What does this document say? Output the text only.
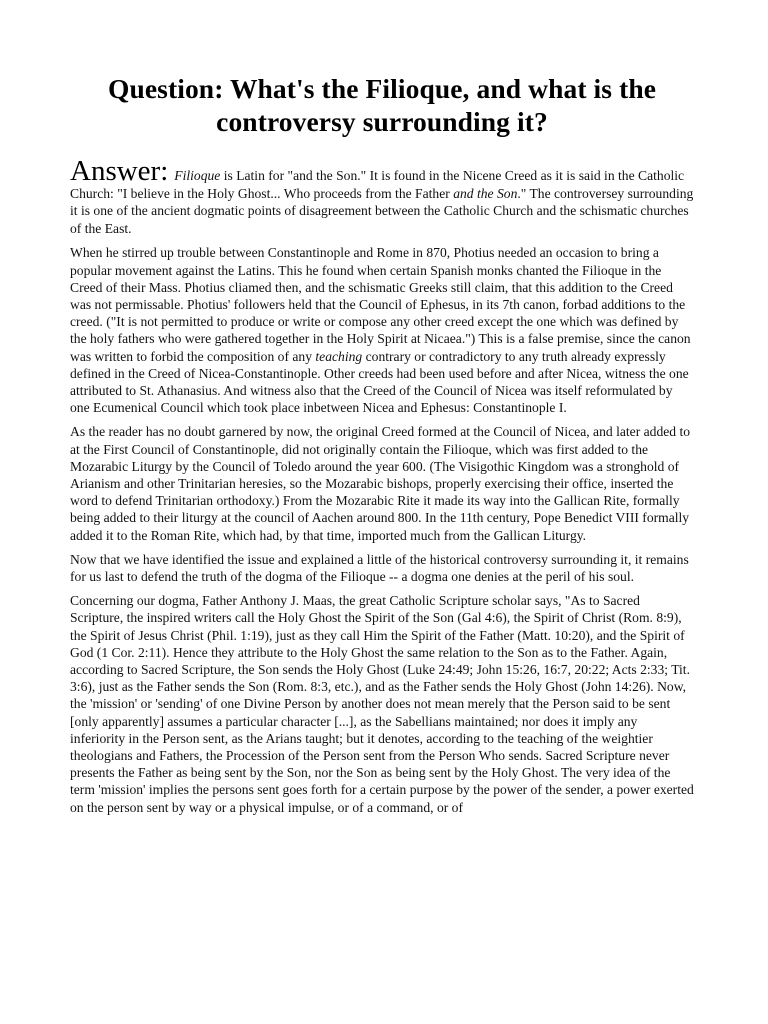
Question: What's the Filioque, and what is the
controversy surrounding it?

Answer: Filioque is Latin for "and the Son." It is found in the Nicene Creed as it is said in the Catholic Church: "I believe in the Holy Ghost... Who proceeds from the Father and the Son." The controversey surrounding it is one of the ancient dogmatic points of disagreement between the Catholic Church and the schismatic churches of the East.

When he stirred up trouble between Constantinople and Rome in 870, Photius needed an occasion to bring a popular movement against the Latins. This he found when certain Spanish monks chanted the Filioque in the Creed of their Mass. Photius cliamed then, and the schismatic Greeks still claim, that this addition to the Creed was not permissable. Photius' followers held that the Council of Ephesus, in its 7th canon, forbad additions to the creed. ("It is not permitted to produce or write or compose any other creed except the one which was defined by the holy fathers who were gathered together in the Holy Spirit at Nicaea.") This is a false premise, since the canon was written to forbid the composition of any teaching contrary or contradictory to any truth already expressly defined in the Creed of Nicea-Constantinople. Other creeds had been used before and after Nicea, witness the one attributed to St. Athanasius. And witness also that the Creed of the Council of Nicea was itself reformulated by one Ecumenical Council which took place inbetween Nicea and Ephesus: Constantinople I.

As the reader has no doubt garnered by now, the original Creed formed at the Council of Nicea, and later added to at the First Council of Constantinople, did not originally contain the Filioque, which was first added to the Mozarabic Liturgy by the Council of Toledo around the year 600. (The Visigothic Kingdom was a stronghold of Arianism and other Trinitarian heresies, so the Mozarabic bishops, properly exercising their office, inserted the word to defend Trinitarian orthodoxy.) From the Mozarabic Rite it made its way into the Gallican Rite, formally being added to their liturgy at the council of Aachen around 800. In the 11th century, Pope Benedict VIII formally added it to the Roman Rite, which had, by that time, imported much from the Gallican Liturgy.

Now that we have identified the issue and explained a little of the historical controversy surrounding it, it remains for us last to defend the truth of the dogma of the Filioque -- a dogma one denies at the peril of his soul.

Concerning our dogma, Father Anthony J. Maas, the great Catholic Scripture scholar says, "As to Sacred Scripture, the inspired writers call the Holy Ghost the Spirit of the Son (Gal 4:6), the Spirit of Christ (Rom. 8:9), the Spirit of Jesus Christ (Phil. 1:19), just as they call Him the Spirit of the Father (Matt. 10:20), and the Spirit of God (1 Cor. 2:11). Hence they attribute to the Holy Ghost the same relation to the Son as to the Father. Again, according to Sacred Scripture, the Son sends the Holy Ghost (Luke 24:49; John 15:26, 16:7, 20:22; Acts 2:33; Tit. 3:6), just as the Father sends the Son (Rom. 8:3, etc.), and as the Father sends the Holy Ghost (John 14:26). Now, the 'mission' or 'sending' of one Divine Person by another does not mean merely that the Person said to be sent [only apparently] assumes a particular character [...], as the Sabellians maintained; nor does it imply any inferiority in the Person sent, as the Arians taught; but it denotes, according to the teaching of the weightier theologians and Fathers, the Procession of the Person sent from the Person Who sends. Sacred Scripture never presents the Father as being sent by the Son, nor the Son as being sent by the Holy Ghost. The very idea of the term 'mission' implies the persons sent goes forth for a certain purpose by the power of the sender, a power exerted on the person sent by way or a physical impulse, or of a command, or of
